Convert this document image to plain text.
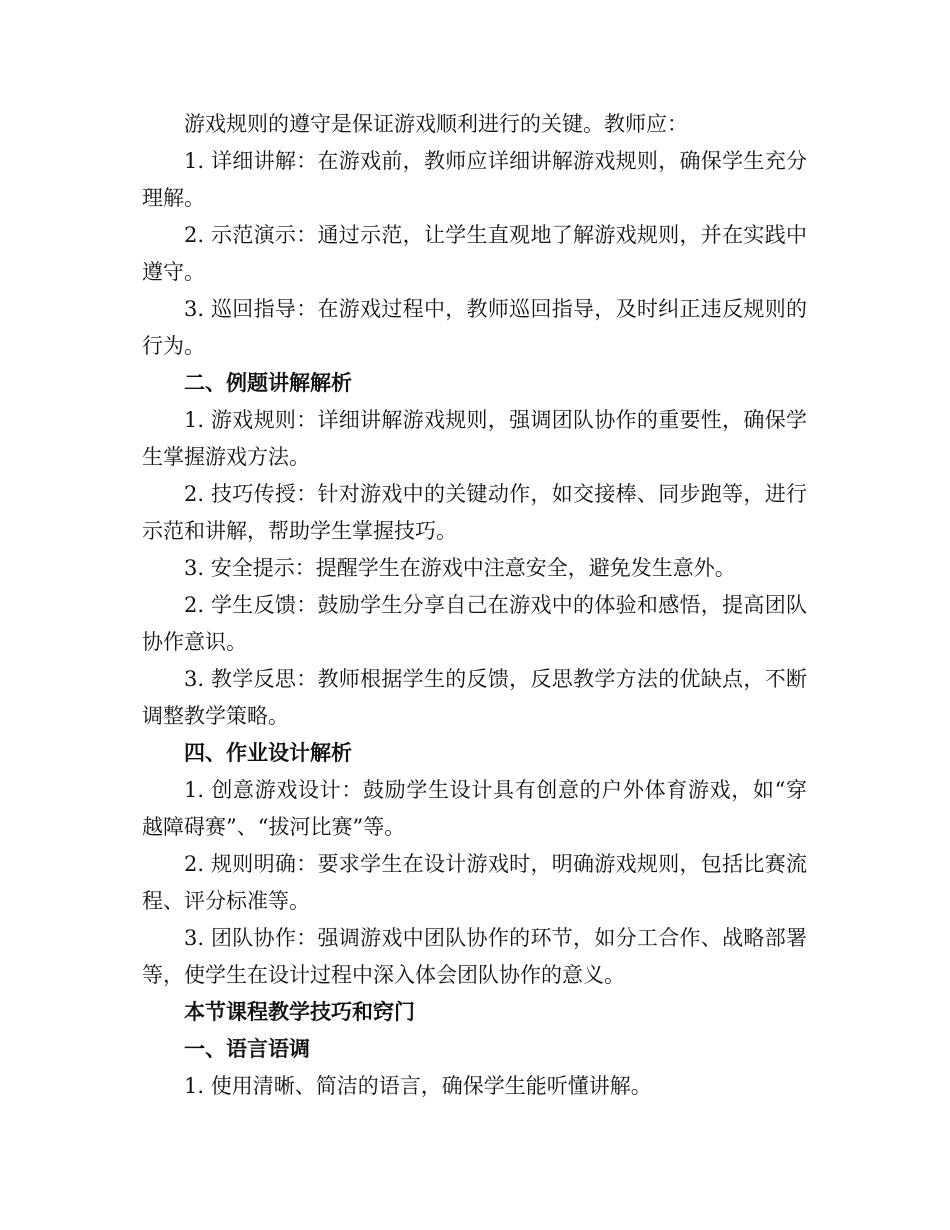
游戏规则的遵守是保证游戏顺利进行的关键。教师应：

1. 详细讲解：在游戏前，教师应详细讲解游戏规则，确保学生充分理解。

2. 示范演示：通过示范，让学生直观地了解游戏规则，并在实践中遵守。

3. 巡回指导：在游戏过程中，教师巡回指导，及时纠正违反规则的行为。

二、例题讲解解析

1. 游戏规则：详细讲解游戏规则，强调团队协作的重要性，确保学生掌握游戏方法。

2. 技巧传授：针对游戏中的关键动作，如交接棒、同步跑等，进行示范和讲解，帮助学生掌握技巧。

3. 安全提示：提醒学生在游戏中注意安全，避免发生意外。

2. 学生反馈：鼓励学生分享自己在游戏中的体验和感悟，提高团队协作意识。

3. 教学反思：教师根据学生的反馈，反思教学方法的优缺点，不断调整教学策略。

四、作业设计解析

1. 创意游戏设计：鼓励学生设计具有创意的户外体育游戏，如“穿越障碍赛”、“拔河比赛”等。

2. 规则明确：要求学生在设计游戏时，明确游戏规则，包括比赛流程、评分标准等。

3. 团队协作：强调游戏中团队协作的环节，如分工合作、战略部署等，使学生在设计过程中深入体会团队协作的意义。

本节课程教学技巧和窍门

一、语言语调

1. 使用清晰、简洁的语言，确保学生能听懂讲解。
